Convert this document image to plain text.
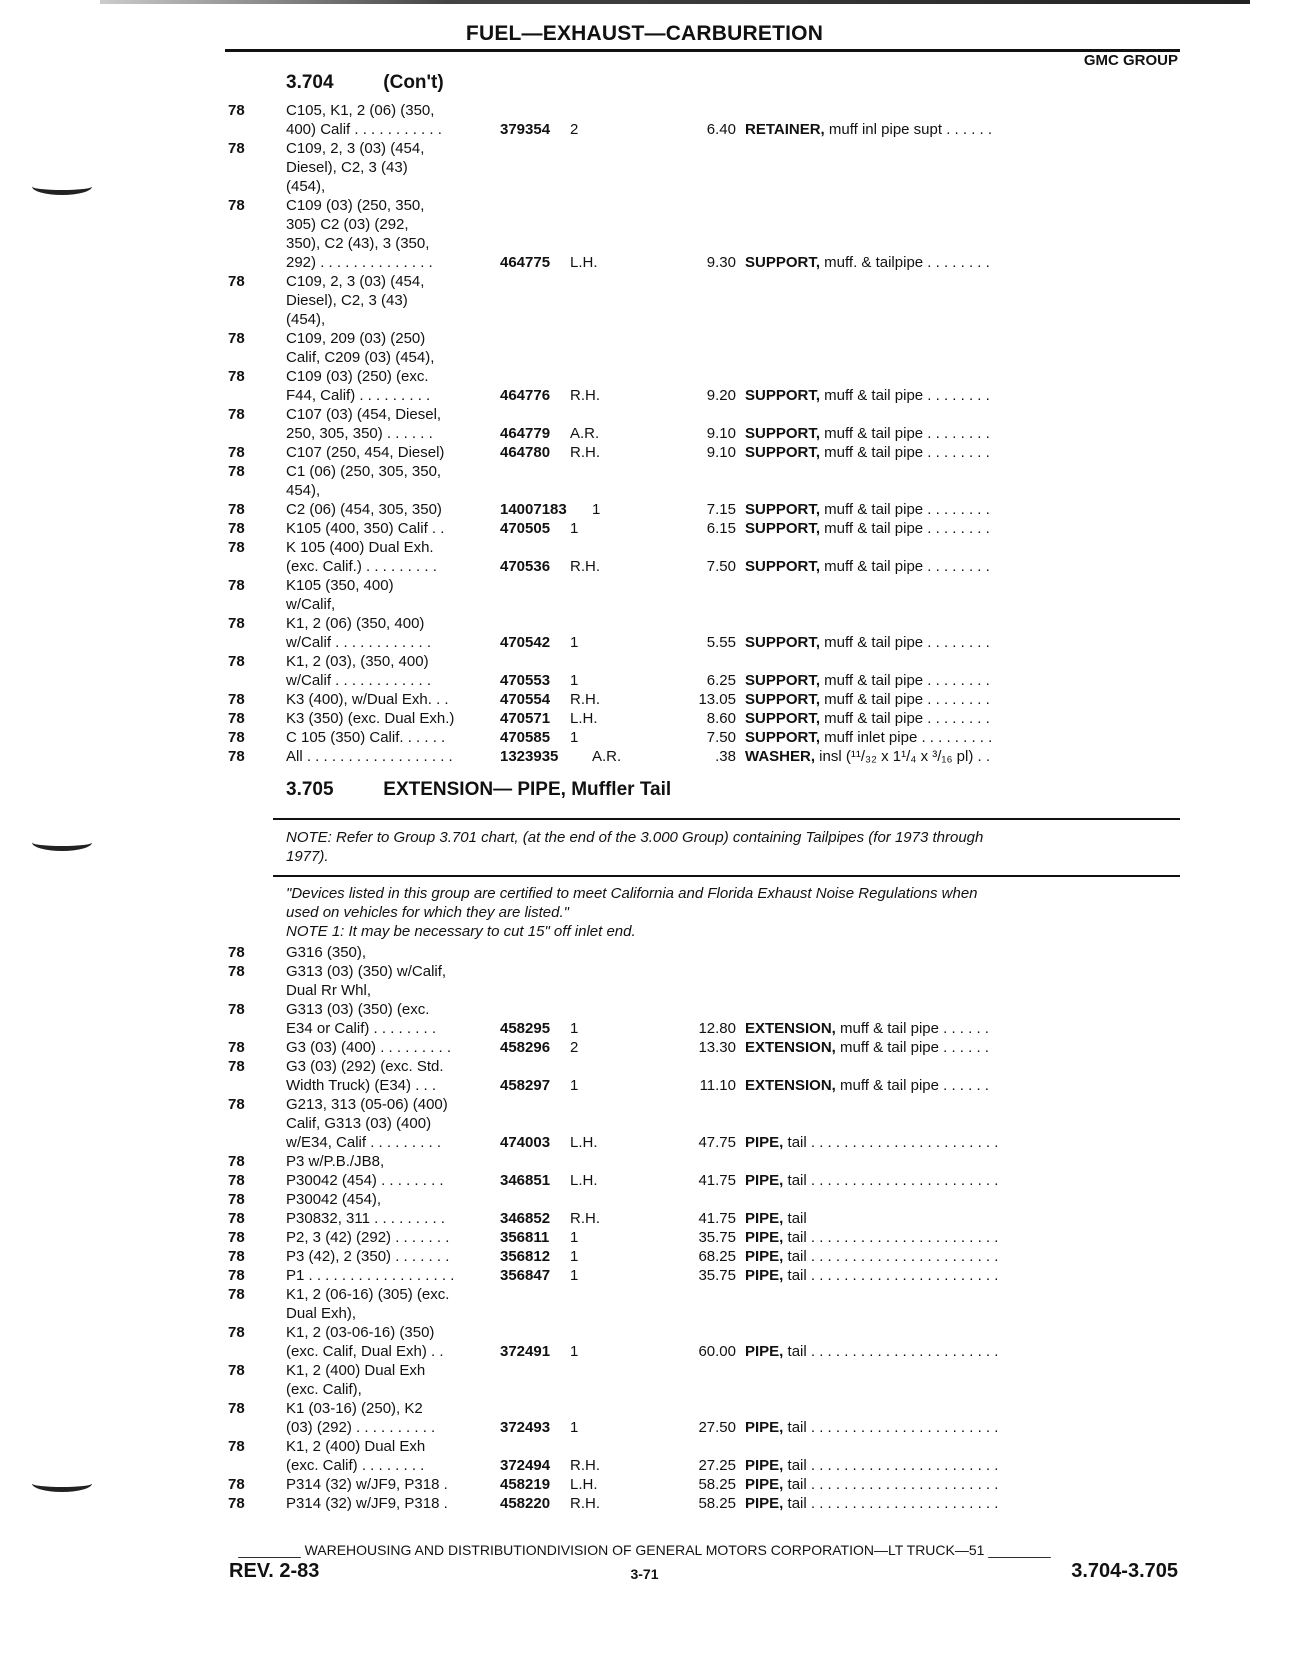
FUEL—EXHAUST—CARBURETION
GMC GROUP
3.704	(Con't)
78	C105, K1, 2 (06) (350,
400) Calif . . . . . . . . . . .	379354 2	6.40 RETAINER, muff inl pipe supt . . . . . .
78	C109, 2, 3 (03) (454,
Diesel), C2, 3 (43)
(454),
78	C109 (03) (250, 350,
305) C2 (03) (292,
350), C2 (43), 3 (350,
292) . . . . . . . . . . . . . .	464775 L.H.	9.30 SUPPORT, muff. & tailpipe . . . . . . . .
78	C109, 2, 3 (03) (454,
Diesel), C2, 3 (43)
(454),
78	C109, 209 (03) (250)
Calif, C209 (03) (454),
78	C109 (03) (250) (exc.
F44, Calif) . . . . . . . . .	464776 R.H.	9.20 SUPPORT, muff & tail pipe . . . . . . . .
78	C107 (03) (454, Diesel,
250, 305, 350) . . . . . .	464779 A.R.	9.10 SUPPORT, muff & tail pipe . . . . . . . .
78	C107 (250, 454, Diesel)	464780 R.H.	9.10 SUPPORT, muff & tail pipe . . . . . . . .
78	C1 (06) (250, 305, 350,
454),
78	C2 (06) (454, 305, 350)	14007183 1	7.15 SUPPORT, muff & tail pipe . . . . . . . .
78	K105 (400, 350) Calif . .	470505 1	6.15 SUPPORT, muff & tail pipe . . . . . . . .
78	K 105 (400) Dual Exh.
(exc. Calif.) . . . . . . . . .	470536 R.H.	7.50 SUPPORT, muff & tail pipe . . . . . . . .
78	K105 (350, 400)
w/Calif,
78	K1, 2 (06) (350, 400)
w/Calif . . . . . . . . . . . .	470542 1	5.55 SUPPORT, muff & tail pipe . . . . . . . .
78	K1, 2 (03), (350, 400)
w/Calif . . . . . . . . . . . .	470553 1	6.25 SUPPORT, muff & tail pipe . . . . . . . .
78	K3 (400), w/Dual Exh. . .	470554 R.H.	13.05 SUPPORT, muff & tail pipe . . . . . . . .
78	K3 (350) (exc. Dual Exh.)	470571 L.H.	8.60 SUPPORT, muff & tail pipe . . . . . . . .
78	C 105 (350) Calif. . . . . .	470585 1	7.50 SUPPORT, muff inlet pipe . . . . . . . . .
78	All . . . . . . . . . . . . . . . . . .	1323935 A.R.	.38 WASHER, insl (¹¹/₃₂ x 1¹/₄ x ³/₁₆ pl) . .
3.705	EXTENSION— PIPE, Muffler Tail
NOTE: Refer to Group 3.701 chart, (at the end of the 3.000 Group) containing Tailpipes (for 1973 through
1977).
"Devices listed in this group are certified to meet California and Florida Exhaust Noise Regulations when
used on vehicles for which they are listed."
NOTE 1: It may be necessary to cut 15" off inlet end.
78	G316 (350),
78	G313 (03) (350) w/Calif,
Dual Rr Whl,
78	G313 (03) (350) (exc.
E34 or Calif) . . . . . . . .	458295 1	12.80 EXTENSION, muff & tail pipe . . . . . .
78	G3 (03) (400) . . . . . . . . .	458296 2	13.30 EXTENSION, muff & tail pipe . . . . . .
78	G3 (03) (292) (exc. Std.
Width Truck) (E34) . . .	458297 1	11.10 EXTENSION, muff & tail pipe . . . . . .
78	G213, 313 (05-06) (400)
Calif, G313 (03) (400)
w/E34, Calif . . . . . . . . .	474003 L.H.	47.75 PIPE, tail . . . . . . . . . . . . . . . . . . . . . . .
78	P3 w/P.B./JB8,
78	P30042 (454) . . . . . . . .	346851 L.H.	41.75 PIPE, tail . . . . . . . . . . . . . . . . . . . . . . .
78	P30042 (454),
78	P30832, 311 . . . . . . . . .	346852 R.H.	41.75 PIPE, tail
78	P2, 3 (42) (292) . . . . . . .	356811 1	35.75 PIPE, tail . . . . . . . . . . . . . . . . . . . . . . .
78	P3 (42), 2 (350) . . . . . . .	356812 1	68.25 PIPE, tail . . . . . . . . . . . . . . . . . . . . . . .
78	P1 . . . . . . . . . . . . . . . . . .	356847 1	35.75 PIPE, tail . . . . . . . . . . . . . . . . . . . . . . .
78	K1, 2 (06-16) (305) (exc.
Dual Exh),
78	K1, 2 (03-06-16) (350)
(exc. Calif, Dual Exh) . .	372491 1	60.00 PIPE, tail . . . . . . . . . . . . . . . . . . . . . . .
78	K1, 2 (400) Dual Exh
(exc. Calif),
78	K1 (03-16) (250), K2
(03) (292) . . . . . . . . . .	372493 1	27.50 PIPE, tail . . . . . . . . . . . . . . . . . . . . . . .
78	K1, 2 (400) Dual Exh
(exc. Calif) . . . . . . . .	372494 R.H.	27.25 PIPE, tail . . . . . . . . . . . . . . . . . . . . . . .
78	P314 (32) w/JF9, P318 .	458219 L.H.	58.25 PIPE, tail . . . . . . . . . . . . . . . . . . . . . . .
78	P314 (32) w/JF9, P318 .	458220 R.H.	58.25 PIPE, tail . . . . . . . . . . . . . . . . . . . . . . .
________ WAREHOUSING AND DISTRIBUTIONDIVISION OF GENERAL MOTORS CORPORATION—LT TRUCK—51 ________
REV. 2-83	3-71	3.704-3.705
